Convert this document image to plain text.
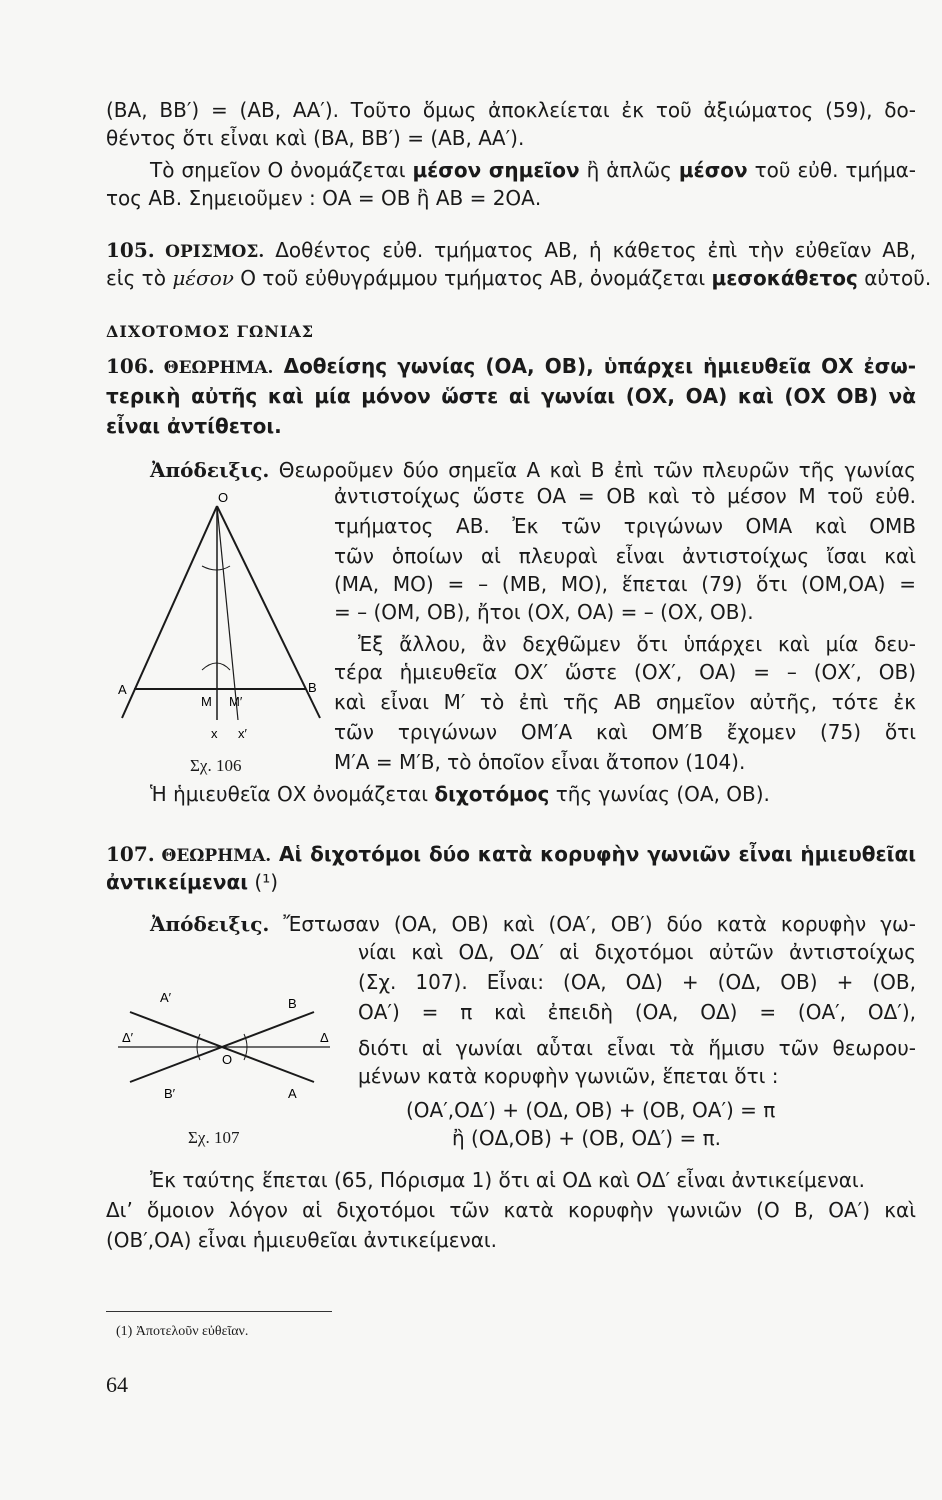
(ΒΑ, ΒΒ′) = (ΑΒ, ΑΑ′). Τοῦτο ὅμως ἀποκλείεται ἐκ τοῦ ἀξιώματος (59), δο-
θέντος ὅτι εἶναι καὶ (ΒΑ, ΒΒ′) = (ΑΒ, ΑΑ′).
Τὸ σημεῖον Ο ὀνομάζεται μέσον σημεῖον ἢ ἁπλῶς μέσον τοῦ εὐθ. τμήμα-
τος ΑΒ. Σημειοῦμεν : ΟΑ = ΟΒ ἢ ΑΒ = 2ΟΑ.
105. ΟΡΙΣΜΟΣ. Δοθέντος εὐθ. τμήματος ΑΒ, ἡ κάθετος ἐπὶ τὴν εὐθεῖαν ΑΒ,
εἰς τὸ μέσον Ο τοῦ εὐθυγράμμου τμήματος ΑΒ, ὀνομάζεται μεσοκάθετος αὐτοῦ.
ΔΙΧΟΤΟΜΟΣ ΓΩΝΙΑΣ
106. ΘΕΩΡΗΜΑ. Δοθείσης γωνίας (ΟΑ, ΟΒ), ὑπάρχει ἡμιευθεῖα ΟΧ ἐσω-
τερικὴ αὐτῆς καὶ μία μόνον ὥστε αἱ γωνίαι (ΟΧ, ΟΑ) καὶ (ΟΧ ΟΒ) νὰ
εἶναι ἀντίθετοι.
Ἀπόδειξις. Θεωροῦμεν δύο σημεῖα Α καὶ Β ἐπὶ τῶν πλευρῶν τῆς γωνίας
ἀντιστοίχως ὥστε ΟΑ = ΟΒ καὶ τὸ μέσον Μ τοῦ εὐθ.
τμήματος ΑΒ. Ἐκ τῶν τριγώνων ΟΜΑ καὶ ΟΜΒ
τῶν ὁποίων αἱ πλευραὶ εἶναι ἀντιστοίχως ἴσαι καὶ
(ΜΑ, ΜΟ) = – (ΜΒ, ΜΟ), ἕπεται (79) ὅτι (ΟΜ,ΟΑ) =
= – (ΟΜ, ΟΒ), ἤτοι (ΟΧ, ΟΑ) = – (ΟΧ, ΟΒ).
Ἐξ ἄλλου, ἂν δεχθῶμεν ὅτι ὑπάρχει καὶ μία δευ-
τέρα ἡμιευθεῖα ΟΧ′ ὥστε (ΟΧ′, ΟΑ) = – (ΟΧ′, ΟΒ)
καὶ εἶναι Μ′ τὸ ἐπὶ τῆς ΑΒ σημεῖον αὐτῆς, τότε ἐκ
τῶν τριγώνων ΟΜ′Α καὶ ΟΜ′Β ἔχομεν (75) ὅτι
Μ′Α = Μ′Β, τὸ ὁποῖον εἶναι ἄτοπον (104).
Ἡ ἡμιευθεῖα ΟΧ ὀνομάζεται διχοτόμος τῆς γωνίας (ΟΑ, ΟΒ).
O
A	B
M M′
x x′
Σχ. 106
107. ΘΕΩΡΗΜΑ. Αἱ διχοτόμοι δύο κατὰ κορυφὴν γωνιῶν εἶναι ἡμιευθεῖαι
ἀντικείμεναι (¹)
Ἀπόδειξις. Ἔστωσαν (ΟΑ, ΟΒ) καὶ (ΟΑ′, ΟΒ′) δύο κατὰ κορυφὴν γω-
νίαι καὶ ΟΔ, ΟΔ′ αἱ διχοτόμοι αὐτῶν ἀντιστοίχως
(Σχ. 107). Εἶναι: (ΟΑ, ΟΔ) + (ΟΔ, ΟΒ) + (ΟΒ,
ΟΑ′) = π καὶ ἐπειδὴ (ΟΑ, ΟΔ) = (ΟΑ′, ΟΔ′),
διότι αἱ γωνίαι αὗται εἶναι τὰ ἥμισυ τῶν θεωρου-
μένων κατὰ κορυφὴν γωνιῶν, ἕπεται ὅτι :
(ΟΑ′,ΟΔ′) + (ΟΔ, ΟΒ) + (ΟΒ, ΟΑ′) = π
ἢ (ΟΔ,ΟΒ) + (ΟΒ, ΟΔ′) = π.
A′	B
Δ′	Δ
O
B′	A
Σχ. 107
Ἐκ ταύτης ἕπεται (65, Πόρισμα 1) ὅτι αἱ ΟΔ καὶ ΟΔ′ εἶναι ἀντικείμεναι.
Δι’ ὅμοιον λόγον αἱ διχοτόμοι τῶν κατὰ κορυφὴν γωνιῶν (Ο Β, ΟΑ′) καὶ
(ΟΒ′,ΟΑ) εἶναι ἡμιευθεῖαι ἀντικείμεναι.
(1) Ἀποτελοῦν εὐθεῖαν.
64
